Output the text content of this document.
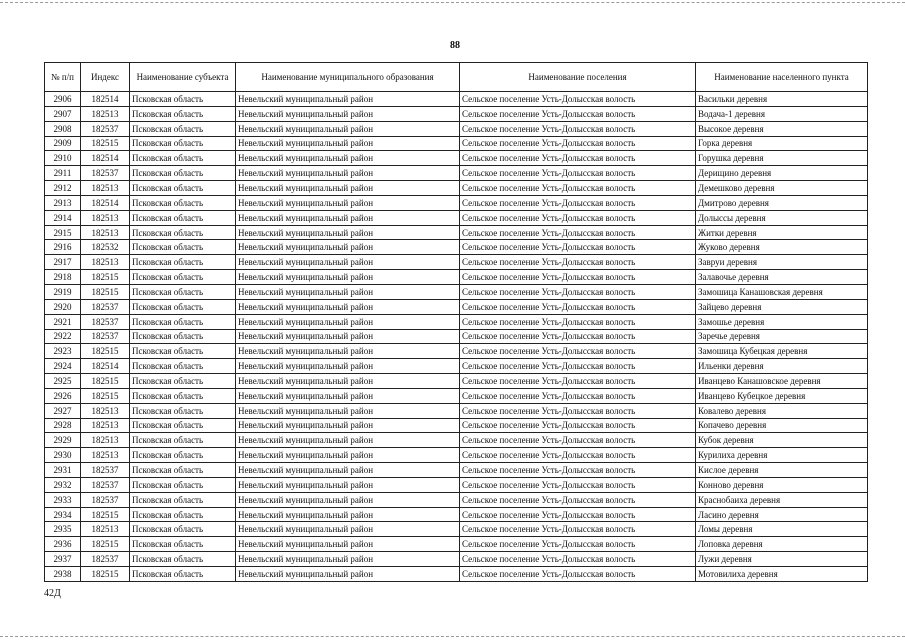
88
№ п/п	Индекс	Наименование субъекта	Наименование муниципального образования	Наименование поселения	Наименование населенного пункта
2906	182514	Псковская область	Невельский муниципальный район	Сельское поселение Усть-Долысская волость	Васильки деревня
2907	182513	Псковская область	Невельский муниципальный район	Сельское поселение Усть-Долысская волость	Водача-1 деревня
2908	182537	Псковская область	Невельский муниципальный район	Сельское поселение Усть-Долысская волость	Высокое деревня
2909	182515	Псковская область	Невельский муниципальный район	Сельское поселение Усть-Долысская волость	Горка деревня
2910	182514	Псковская область	Невельский муниципальный район	Сельское поселение Усть-Долысская волость	Горушка деревня
2911	182537	Псковская область	Невельский муниципальный район	Сельское поселение Усть-Долысская волость	Дерищино деревня
2912	182513	Псковская область	Невельский муниципальный район	Сельское поселение Усть-Долысская волость	Демешково деревня
2913	182514	Псковская область	Невельский муниципальный район	Сельское поселение Усть-Долысская волость	Дмитрово деревня
2914	182513	Псковская область	Невельский муниципальный район	Сельское поселение Усть-Долысская волость	Долыссы деревня
2915	182513	Псковская область	Невельский муниципальный район	Сельское поселение Усть-Долысская волость	Житки деревня
2916	182532	Псковская область	Невельский муниципальный район	Сельское поселение Усть-Долысская волость	Жуково деревня
2917	182513	Псковская область	Невельский муниципальный район	Сельское поселение Усть-Долысская волость	Завруи деревня
2918	182515	Псковская область	Невельский муниципальный район	Сельское поселение Усть-Долысская волость	Залавочье деревня
2919	182515	Псковская область	Невельский муниципальный район	Сельское поселение Усть-Долысская волость	Замошица Канашовская деревня
2920	182537	Псковская область	Невельский муниципальный район	Сельское поселение Усть-Долысская волость	Зайцево деревня
2921	182537	Псковская область	Невельский муниципальный район	Сельское поселение Усть-Долысская волость	Замошье деревня
2922	182537	Псковская область	Невельский муниципальный район	Сельское поселение Усть-Долысская волость	Заречье деревня
2923	182515	Псковская область	Невельский муниципальный район	Сельское поселение Усть-Долысская волость	Замошица Кубецкая деревня
2924	182514	Псковская область	Невельский муниципальный район	Сельское поселение Усть-Долысская волость	Ильенки деревня
2925	182515	Псковская область	Невельский муниципальный район	Сельское поселение Усть-Долысская волость	Иванцево Канашовское деревня
2926	182515	Псковская область	Невельский муниципальный район	Сельское поселение Усть-Долысская волость	Иванцево Кубецкое деревня
2927	182513	Псковская область	Невельский муниципальный район	Сельское поселение Усть-Долысская волость	Ковалево деревня
2928	182513	Псковская область	Невельский муниципальный район	Сельское поселение Усть-Долысская волость	Копачево деревня
2929	182513	Псковская область	Невельский муниципальный район	Сельское поселение Усть-Долысская волость	Кубок деревня
2930	182513	Псковская область	Невельский муниципальный район	Сельское поселение Усть-Долысская волость	Курилиха деревня
2931	182537	Псковская область	Невельский муниципальный район	Сельское поселение Усть-Долысская волость	Кислое деревня
2932	182537	Псковская область	Невельский муниципальный район	Сельское поселение Усть-Долысская волость	Конново деревня
2933	182537	Псковская область	Невельский муниципальный район	Сельское поселение Усть-Долысская волость	Краснобаиха деревня
2934	182515	Псковская область	Невельский муниципальный район	Сельское поселение Усть-Долысская волость	Ласино деревня
2935	182513	Псковская область	Невельский муниципальный район	Сельское поселение Усть-Долысская волость	Ломы деревня
2936	182515	Псковская область	Невельский муниципальный район	Сельское поселение Усть-Долысская волость	Лоповка деревня
2937	182537	Псковская область	Невельский муниципальный район	Сельское поселение Усть-Долысская волость	Лужи деревня
2938	182515	Псковская область	Невельский муниципальный район	Сельское поселение Усть-Долысская волость	Мотовилиха деревня
42Д
